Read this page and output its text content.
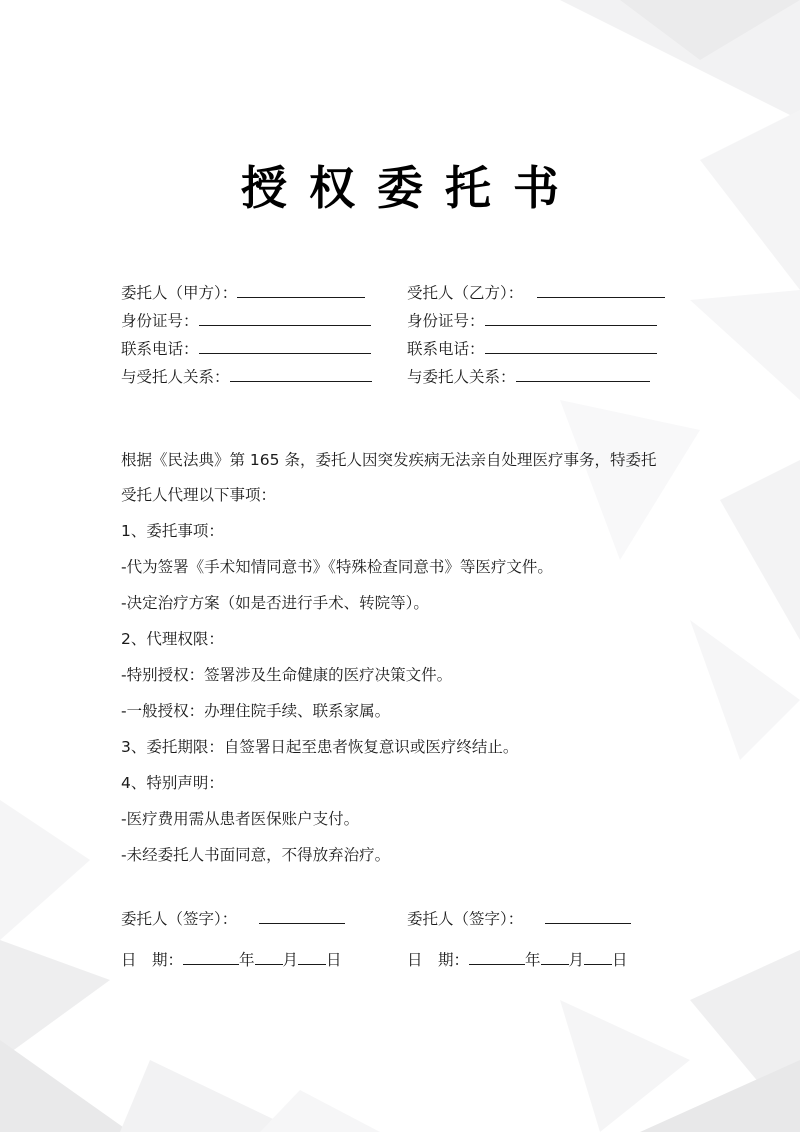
授权委托书
委托人（甲方）：	受托人（乙方）：
身份证号：	身份证号：
联系电话：	联系电话：
与受托人关系：	与委托人关系：
根据《民法典》第 165 条，委托人因突发疾病无法亲自处理医疗事务，特委托
受托人代理以下事项：
1、委托事项：
-代为签署《手术知情同意书》《特殊检查同意书》等医疗文件。
-决定治疗方案（如是否进行手术、转院等）。
2、代理权限：
-特别授权：签署涉及生命健康的医疗决策文件。
-一般授权：办理住院手续、联系家属。
3、委托期限：自签署日起至患者恢复意识或医疗终结止。
4、特别声明：
-医疗费用需从患者医保账户支付。
-未经委托人书面同意，不得放弃治疗。
委托人（签字）：	委托人（签字）：
日　期：	年 月 日	日　期：	年 月 日
